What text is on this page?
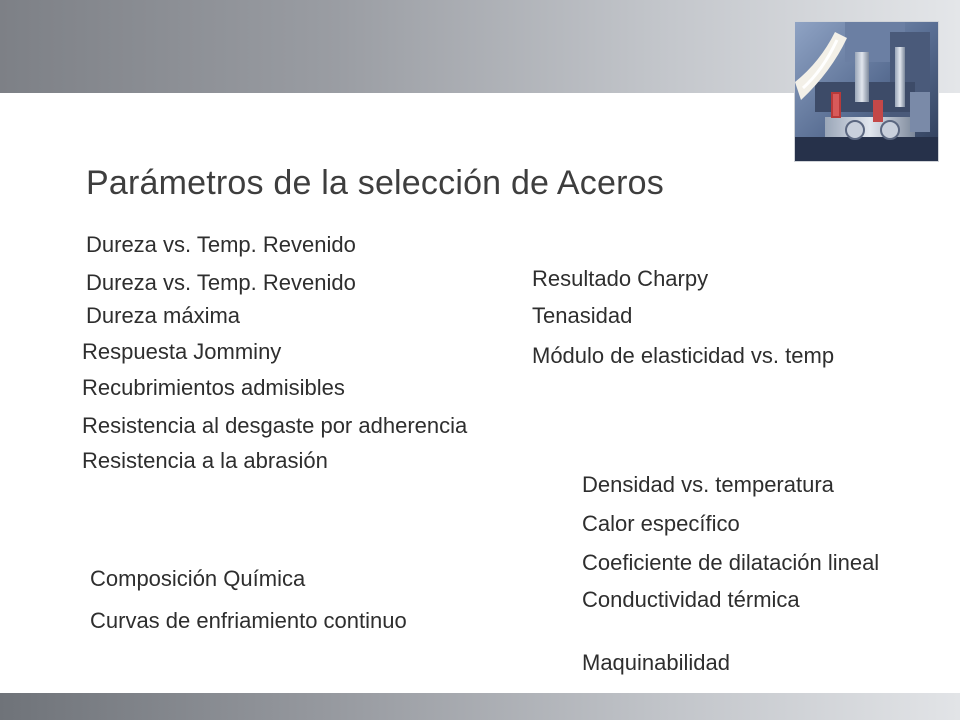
Parámetros de la selección de Aceros
Dureza vs. Temp. Revenido
Dureza vs. Temp. Revenido
Dureza máxima
Respuesta Jomminy
Recubrimientos admisibles
Resistencia al desgaste por adherencia
Resistencia a la abrasión
Composición Química
Curvas de enfriamiento continuo
Resultado Charpy
Tenasidad
Módulo de elasticidad vs. temp
Densidad vs. temperatura
Calor específico
Coeficiente de dilatación lineal
Conductividad térmica
Maquinabilidad
